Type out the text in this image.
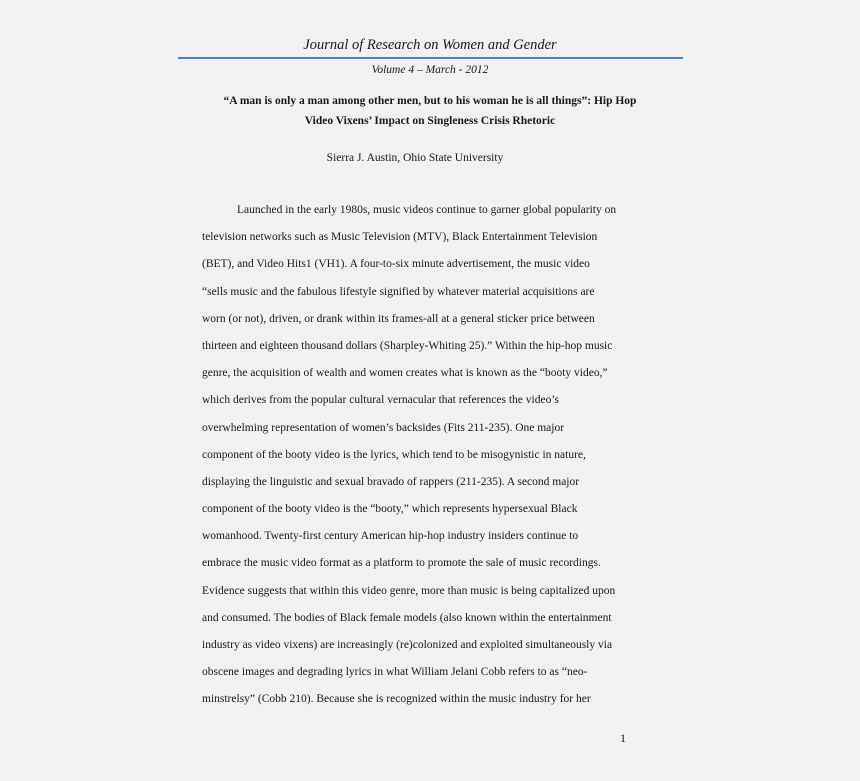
Journal of Research on Women and Gender
Volume 4 – March - 2012
“A man is only a man among other men, but to his woman he is all things”: Hip Hop
Video Vixens’ Impact on Singleness Crisis Rhetoric
Sierra J. Austin, Ohio State University
Launched in the early 1980s, music videos continue to garner global popularity on
television networks such as Music Television (MTV), Black Entertainment Television
(BET), and Video Hits1 (VH1). A four-to-six minute advertisement, the music video
“sells music and the fabulous lifestyle signified by whatever material acquisitions are
worn (or not), driven, or drank within its frames-all at a general sticker price between
thirteen and eighteen thousand dollars (Sharpley-Whiting 25).” Within the hip-hop music
genre, the acquisition of wealth and women creates what is known as the “booty video,”
which derives from the popular cultural vernacular that references the video’s
overwhelming representation of women’s backsides (Fits 211-235). One major
component of the booty video is the lyrics, which tend to be misogynistic in nature,
displaying the linguistic and sexual bravado of rappers (211-235). A second major
component of the booty video is the “booty,” which represents hypersexual Black
womanhood. Twenty-first century American hip-hop industry insiders continue to
embrace the music video format as a platform to promote the sale of music recordings.
Evidence suggests that within this video genre, more than music is being capitalized upon
and consumed. The bodies of Black female models (also known within the entertainment
industry as video vixens) are increasingly (re)colonized and exploited simultaneously via
obscene images and degrading lyrics in what William Jelani Cobb refers to as “neo-
minstrelsy” (Cobb 210). Because she is recognized within the music industry for her
1
